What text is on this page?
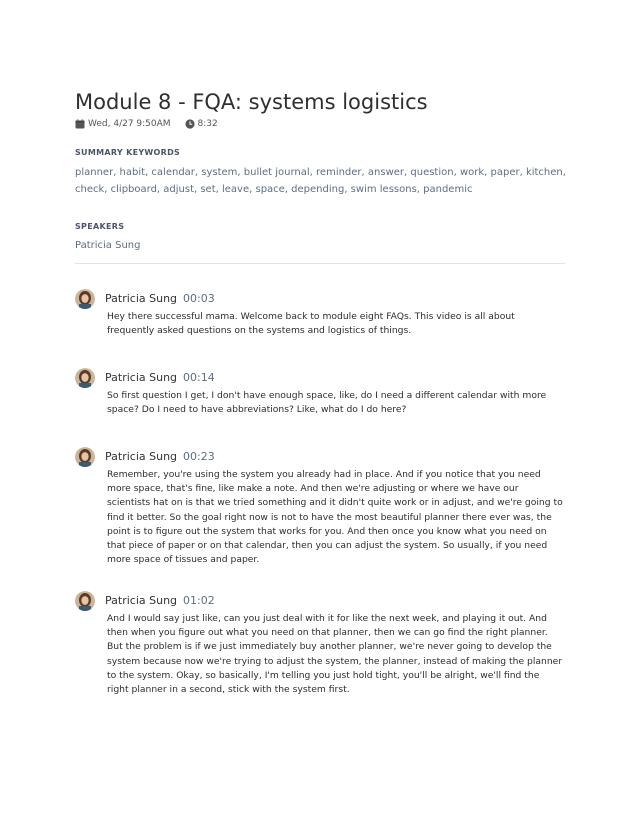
Module 8 - FQA: systems logistics
Wed, 4/27 9:50AM	8:32
SUMMARY KEYWORDS
planner, habit, calendar, system, bullet journal, reminder, answer, question, work, paper, kitchen, check, clipboard, adjust, set, leave, space, depending, swim lessons, pandemic
SPEAKERS
Patricia Sung
Patricia Sung 00:03
Hey there successful mama. Welcome back to module eight FAQs. This video is all about frequently asked questions on the systems and logistics of things.
Patricia Sung 00:14
So first question I get, I don't have enough space, like, do I need a different calendar with more space? Do I need to have abbreviations? Like, what do I do here?
Patricia Sung 00:23
Remember, you're using the system you already had in place. And if you notice that you need more space, that's fine, like make a note. And then we're adjusting or where we have our scientists hat on is that we tried something and it didn't quite work or in adjust, and we're going to find it better. So the goal right now is not to have the most beautiful planner there ever was, the point is to figure out the system that works for you. And then once you know what you need on that piece of paper or on that calendar, then you can adjust the system. So usually, if you need more space of tissues and paper.
Patricia Sung 01:02
And I would say just like, can you just deal with it for like the next week, and playing it out. And then when you figure out what you need on that planner, then we can go find the right planner. But the problem is if we just immediately buy another planner, we're never going to develop the system because now we're trying to adjust the system, the planner, instead of making the planner to the system. Okay, so basically, I'm telling you just hold tight, you'll be alright, we'll find the right planner in a second, stick with the system first.
